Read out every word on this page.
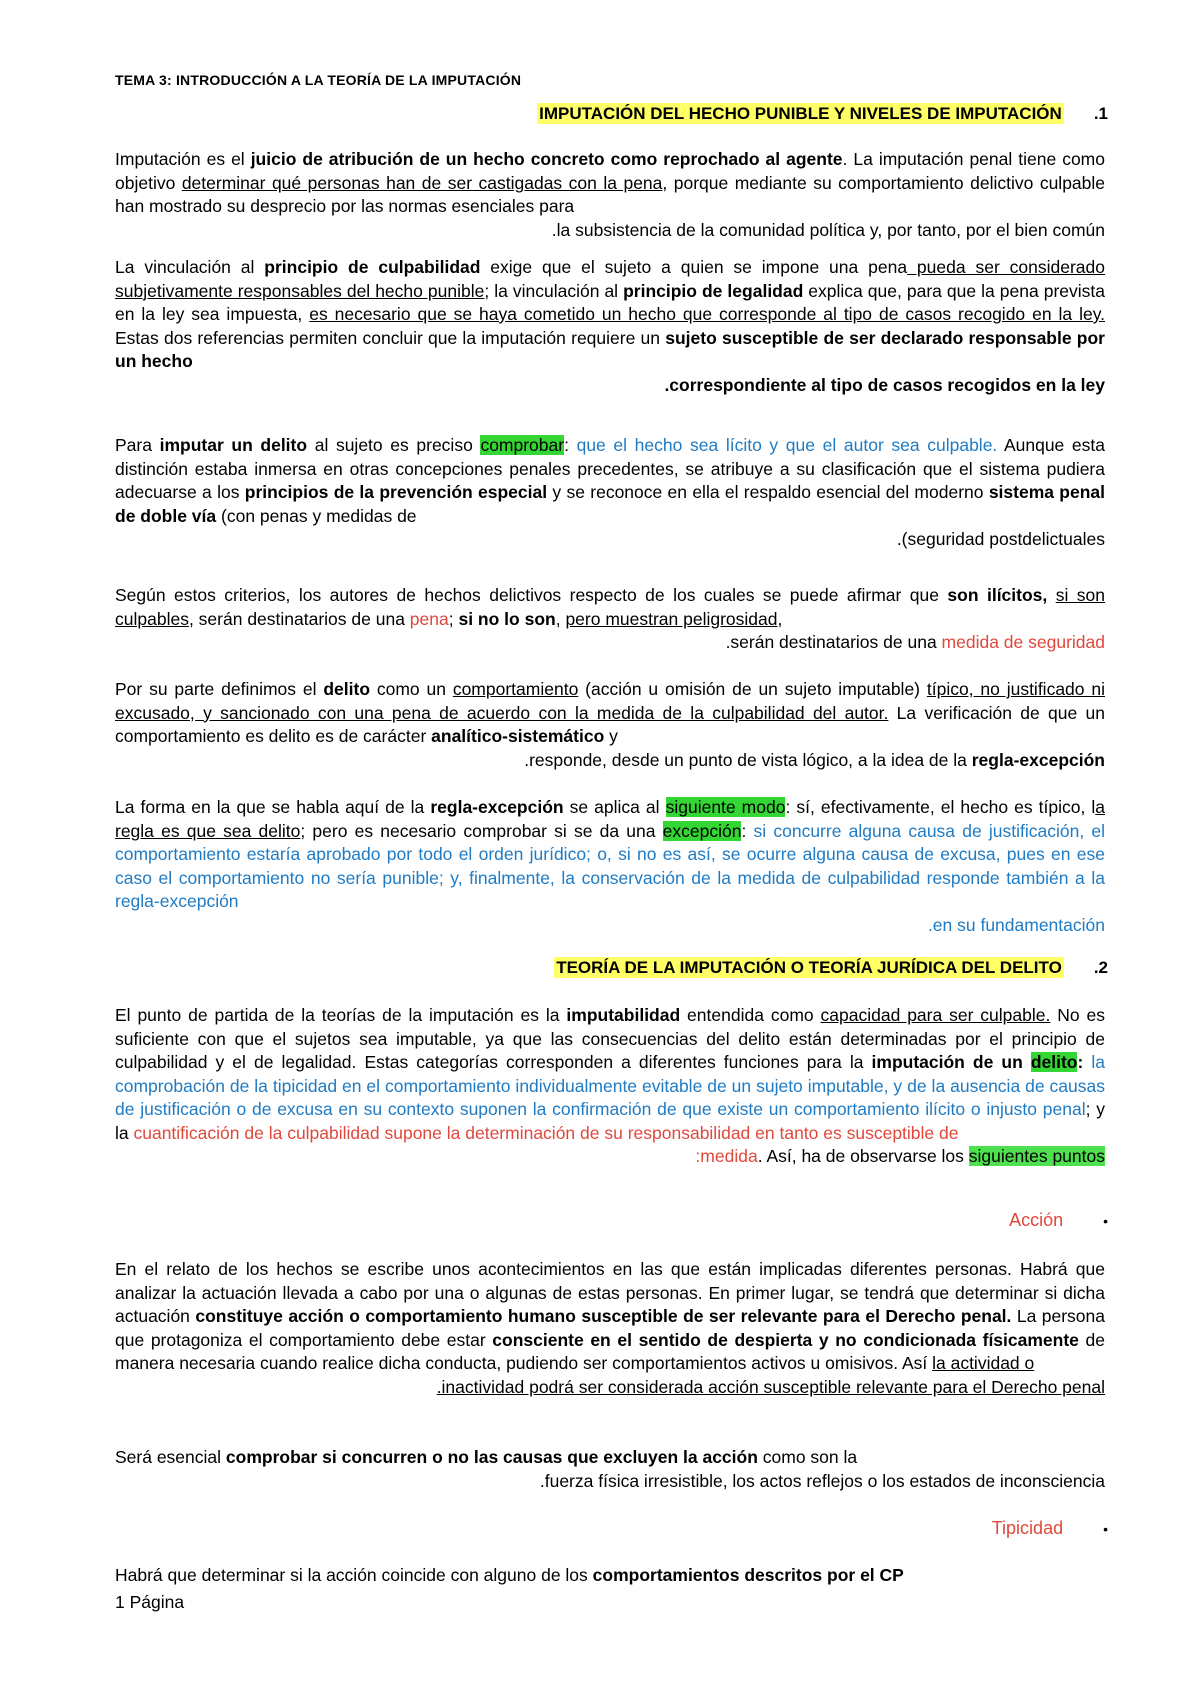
TEMA 3: INTRODUCCIÓN A LA TEORÍA DE LA IMPUTACIÓN
IMPUTACIÓN DEL HECHO PUNIBLE Y NIVELES DE IMPUTACIÓN .1
Imputación es el juicio de atribución de un hecho concreto como reprochado al agente. La imputación penal tiene como objetivo determinar qué personas han de ser castigadas con la pena, porque mediante su comportamiento delictivo culpable han mostrado su desprecio por las normas esenciales para
.la subsistencia de la comunidad política y, por tanto, por el bien común
La vinculación al principio de culpabilidad exige que el sujeto a quien se impone una pena pueda ser considerado subjetivamente responsables del hecho punible; la vinculación al principio de legalidad explica que, para que la pena prevista en la ley sea impuesta, es necesario que se haya cometido un hecho que corresponde al tipo de casos recogido en la ley. Estas dos referencias permiten concluir que la imputación requiere un sujeto susceptible de ser declarado responsable por un hecho
.correspondiente al tipo de casos recogidos en la ley
Para imputar un delito al sujeto es preciso comprobar: que el hecho sea lícito y que el autor sea culpable. Aunque esta distinción estaba inmersa en otras concepciones penales precedentes, se atribuye a su clasificación que el sistema pudiera adecuarse a los principios de la prevención especial y se reconoce en ella el respaldo esencial del moderno sistema penal de doble vía (con penas y medidas de
.(seguridad postdelictuales
Según estos criterios, los autores de hechos delictivos respecto de los cuales se puede afirmar que son ilícitos, si son culpables, serán destinatarios de una pena; si no lo son, pero muestran peligrosidad,
.serán destinatarios de una medida de seguridad
Por su parte definimos el delito como un comportamiento (acción u omisión de un sujeto imputable) típico, no justificado ni excusado, y sancionado con una pena de acuerdo con la medida de la culpabilidad del autor. La verificación de que un comportamiento es delito es de carácter analítico-sistemático y
.responde, desde un punto de vista lógico, a la idea de la regla-excepción
La forma en la que se habla aquí de la regla-excepción se aplica al siguiente modo: sí, efectivamente, el hecho es típico, la regla es que sea delito; pero es necesario comprobar si se da una excepción: si concurre alguna causa de justificación, el comportamiento estaría aprobado por todo el orden jurídico; o, si no es así, se ocurre alguna causa de excusa, pues en ese caso el comportamiento no sería punible; y, finalmente, la conservación de la medida de culpabilidad responde también a la regla-excepción
.en su fundamentación
TEORÍA DE LA IMPUTACIÓN O TEORÍA JURÍDICA DEL DELITO .2
El punto de partida de la teorías de la imputación es la imputabilidad entendida como capacidad para ser culpable. No es suficiente con que el sujetos sea imputable, ya que las consecuencias del delito están determinadas por el principio de culpabilidad y el de legalidad. Estas categorías corresponden a diferentes funciones para la imputación de un delito: la comprobación de la tipicidad en el comportamiento individualmente evitable de un sujeto imputable, y de la ausencia de causas de justificación o de excusa en su contexto suponen la confirmación de que existe un comportamiento ilícito o injusto penal; y la cuantificación de la culpabilidad supone la determinación de su responsabilidad en tanto es susceptible de
:medida. Así, ha de observarse los siguientes puntos
Acción	•
En el relato de los hechos se escribe unos acontecimientos en las que están implicadas diferentes personas. Habrá que analizar la actuación llevada a cabo por una o algunas de estas personas. En primer lugar, se tendrá que determinar si dicha actuación constituye acción o comportamiento humano susceptible de ser relevante para el Derecho penal. La persona que protagoniza el comportamiento debe estar consciente en el sentido de despierta y no condicionada físicamente de manera necesaria cuando realice dicha conducta, pudiendo ser comportamientos activos u omisivos. Así la actividad o
.inactividad podrá ser considerada acción susceptible relevante para el Derecho penal
Será esencial comprobar si concurren o no las causas que excluyen la acción como son la
.fuerza física irresistible, los actos reflejos o los estados de inconsciencia
Tipicidad	•
Habrá que determinar si la acción coincide con alguno de los comportamientos descritos por el CP
1 Página
